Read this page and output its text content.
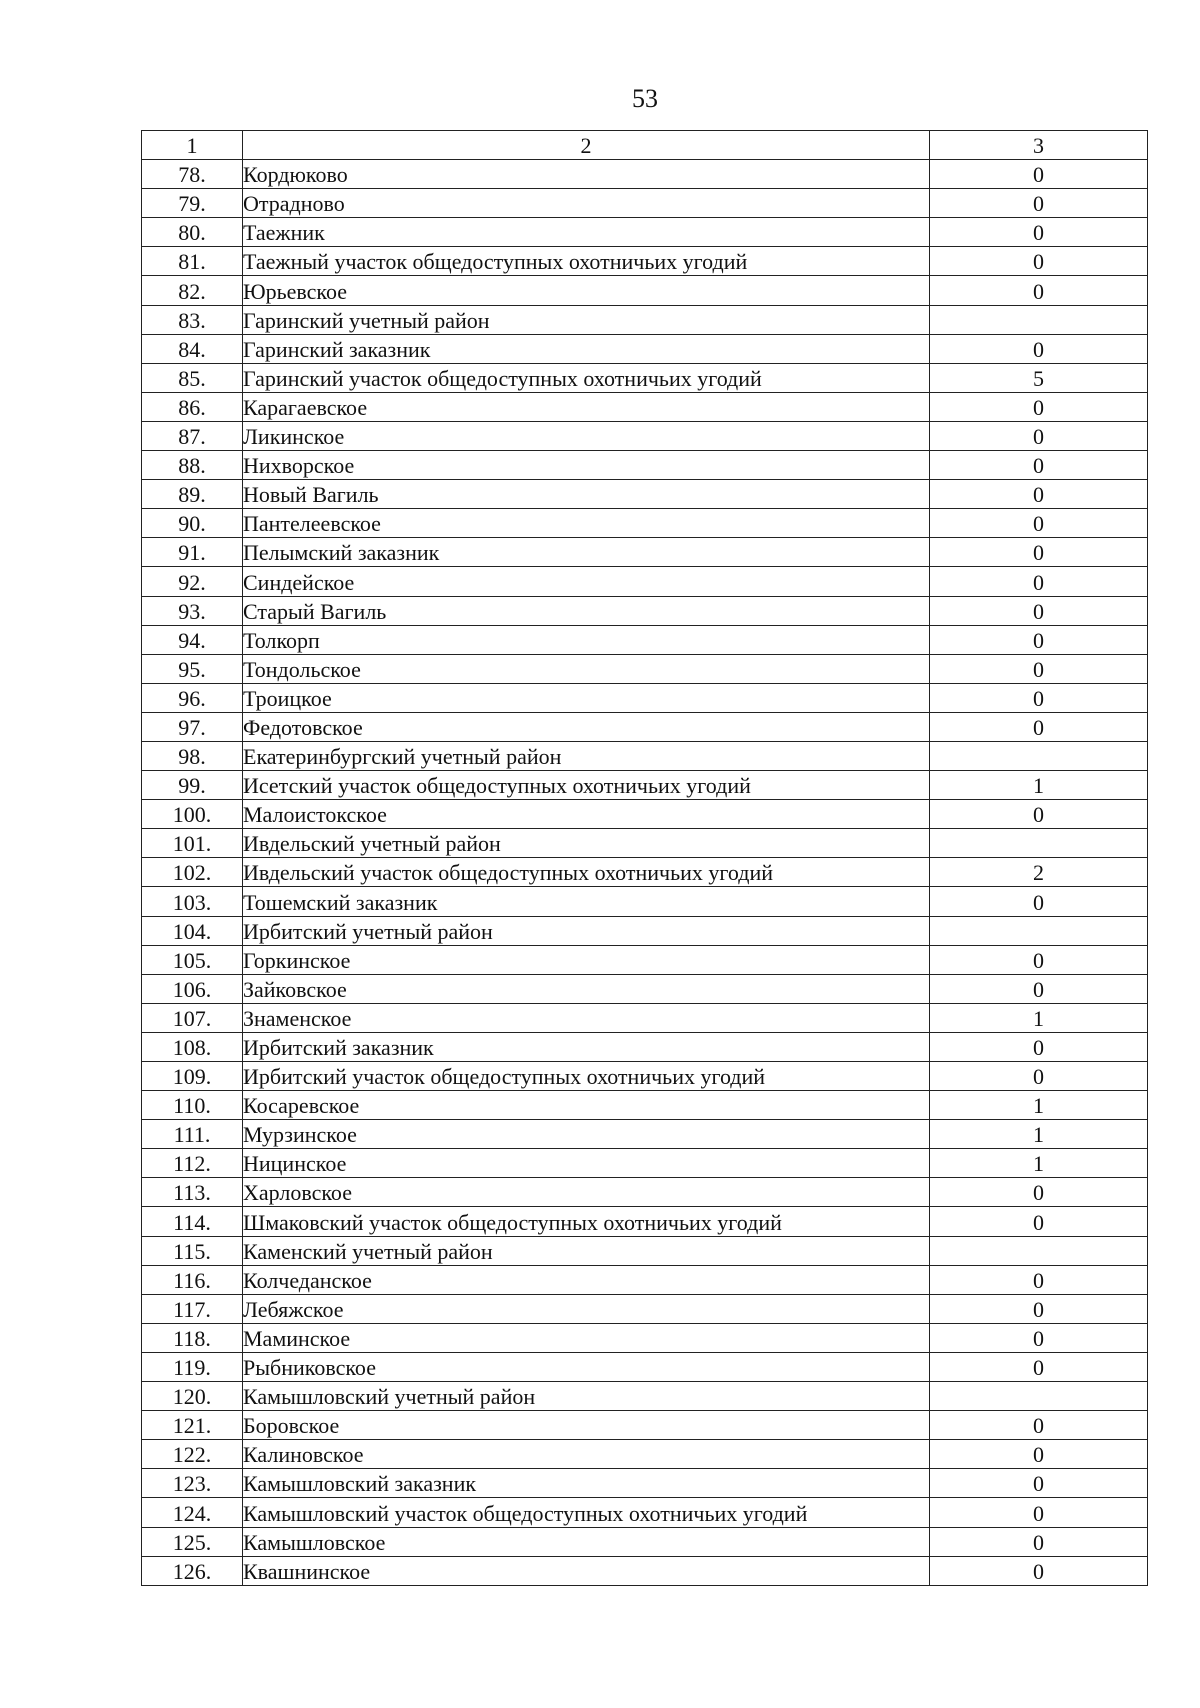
53
1	2	3
78.	Кордюково	0
79.	Отрадново	0
80.	Таежник	0
81.	Таежный участок общедоступных охотничьих угодий	0
82.	Юрьевское	0
83.	Гаринский учетный район	
84.	Гаринский заказник	0
85.	Гаринский участок общедоступных охотничьих угодий	5
86.	Карагаевское	0
87.	Ликинское	0
88.	Нихворское	0
89.	Новый Вагиль	0
90.	Пантелеевское	0
91.	Пелымский заказник	0
92.	Синдейское	0
93.	Старый Вагиль	0
94.	Толкорп	0
95.	Тондольское	0
96.	Троицкое	0
97.	Федотовское	0
98.	Екатеринбургский учетный район	
99.	Исетский участок общедоступных охотничьих угодий	1
100.	Малоистокское	0
101.	Ивдельский учетный район	
102.	Ивдельский участок общедоступных охотничьих угодий	2
103.	Тошемский заказник	0
104.	Ирбитский учетный район	
105.	Горкинское	0
106.	Зайковское	0
107.	Знаменское	1
108.	Ирбитский заказник	0
109.	Ирбитский участок общедоступных охотничьих угодий	0
110.	Косаревское	1
111.	Мурзинское	1
112.	Ницинское	1
113.	Харловское	0
114.	Шмаковский участок общедоступных охотничьих угодий	0
115.	Каменский учетный район	
116.	Колчеданское	0
117.	Лебяжское	0
118.	Маминское	0
119.	Рыбниковское	0
120.	Камышловский учетный район	
121.	Боровское	0
122.	Калиновское	0
123.	Камышловский заказник	0
124.	Камышловский участок общедоступных охотничьих угодий	0
125.	Камышловское	0
126.	Квашнинское	0
